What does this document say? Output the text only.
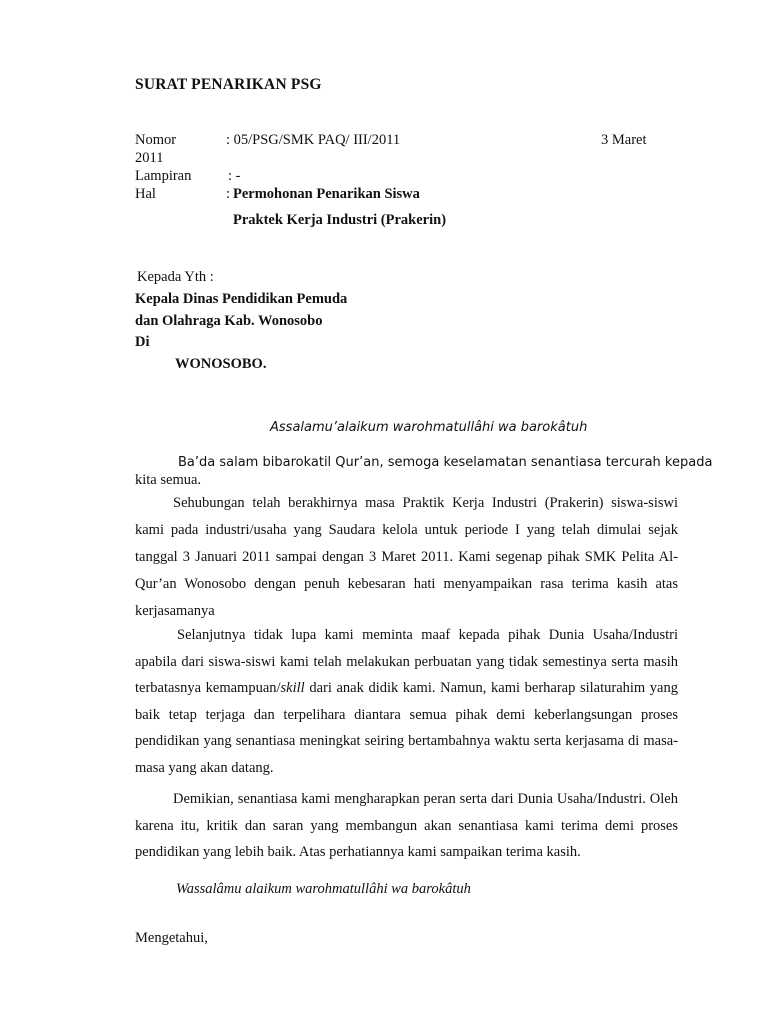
SURAT PENARIKAN PSG
Nomor	: 05/PSG/SMK PAQ/ III/2011	3 Maret
2011
Lampiran	: -
Hal	: Permohonan Penarikan Siswa
Praktek Kerja Industri (Prakerin)
Kepada Yth :
Kepala Dinas Pendidikan Pemuda
dan Olahraga Kab. Wonosobo
Di
WONOSOBO.
Assalamu’alaikum warohmatullâhi wa barokâtuh
Ba’da salam bibarokatil Qur’an, semoga keselamatan senantiasa tercurah kepada
kita semua.
Sehubungan telah berakhirnya masa Praktik Kerja Industri (Prakerin) siswa-siswi kami pada industri/usaha yang Saudara kelola untuk periode I yang telah dimulai sejak tanggal 3 Januari 2011 sampai dengan 3 Maret 2011. Kami segenap pihak SMK Pelita Al-Qur’an Wonosobo dengan penuh kebesaran hati menyampaikan rasa terima kasih atas kerjasamanya
Selanjutnya tidak lupa kami meminta maaf kepada pihak Dunia Usaha/Industri apabila dari siswa-siswi kami telah melakukan perbuatan yang tidak semestinya serta masih terbatasnya kemampuan/skill dari anak didik kami. Namun, kami berharap silaturahim yang baik tetap terjaga dan terpelihara diantara semua pihak demi keberlangsungan proses pendidikan yang senantiasa meningkat seiring bertambahnya waktu serta kerjasama di masa-masa yang akan datang.
Demikian, senantiasa kami mengharapkan peran serta dari Dunia Usaha/Industri. Oleh karena itu, kritik dan saran yang membangun akan senantiasa kami terima demi proses pendidikan yang lebih baik. Atas perhatiannya kami sampaikan terima kasih.
Wassalâmu alaikum warohmatullâhi wa barokâtuh
Mengetahui,
